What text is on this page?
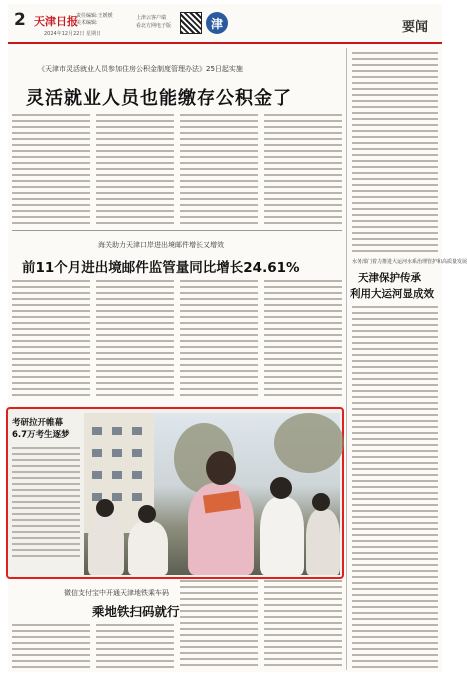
2 天津日报
责任编辑:王媛媛
美术编辑:
2024年12月22日 星期日
上津云客户端
看北方网电子版	津	要闻
《天津市灵活就业人员参加住房公积金制度管理办法》25日起实施
灵活就业人员也能缴存公积金了
海关助力天津口岸进出境邮件增长又增效
前11个月进出境邮件监管量同比增长24.61%
考研拉开帷幕
6.7万考生逐梦
微信支付宝中开通天津地铁乘车码
乘地铁扫码就行
水务部门着力推进大运河水系治理管护和高质量发展
天津保护传承
利用大运河显成效
